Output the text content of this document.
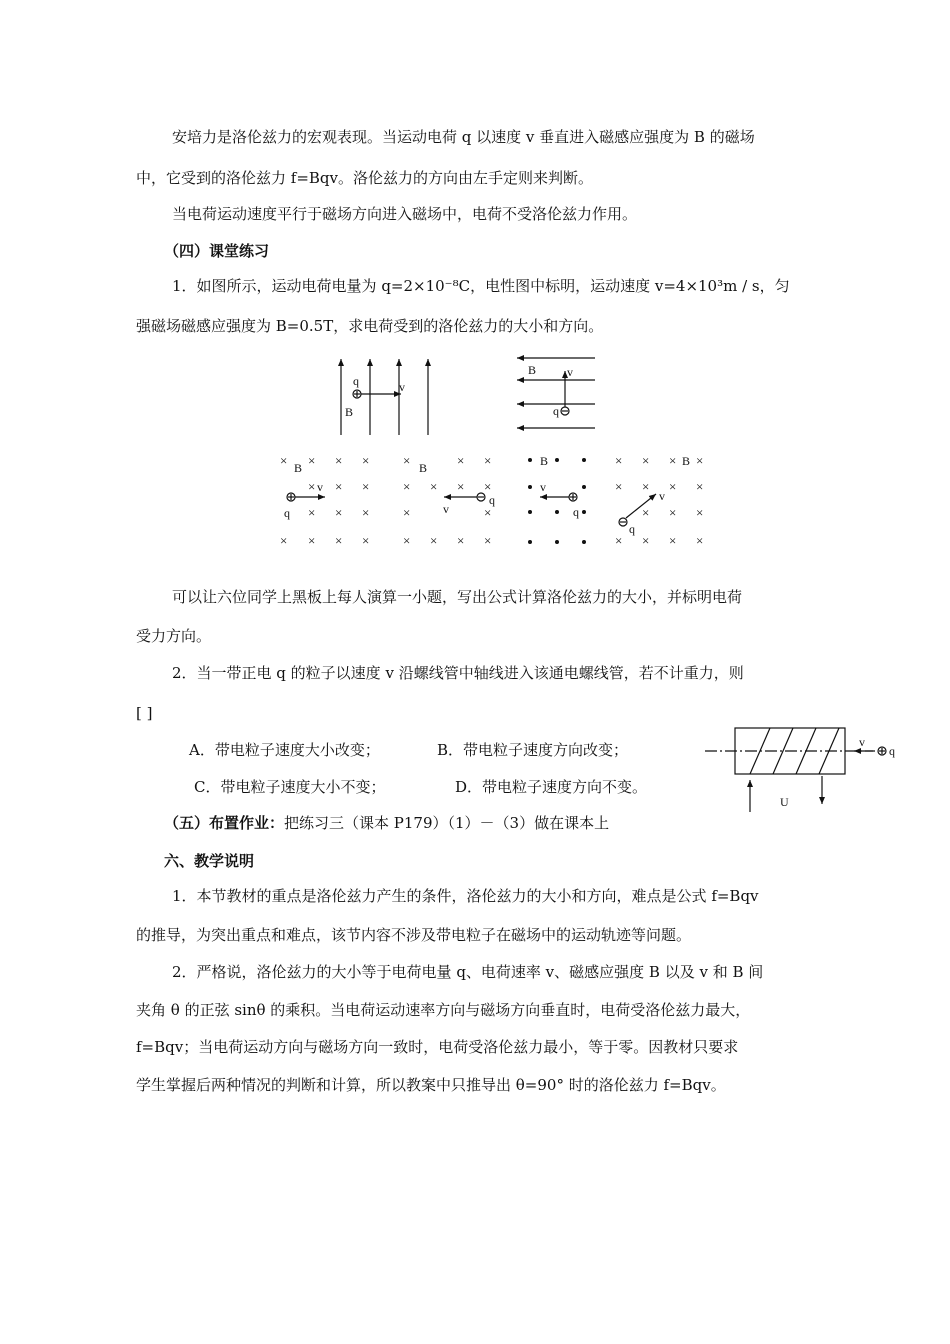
安培力是洛伦兹力的宏观表现。当运动电荷 q 以速度 v 垂直进入磁感应强度为 B 的磁场
中，它受到的洛伦兹力 f=Bqv。洛伦兹力的方向由左手定则来判断。
当电荷运动速度平行于磁场方向进入磁场中，电荷不受洛伦兹力作用。
（四）课堂练习
1．如图所示，运动电荷电量为 q=2×10⁻⁸C，电性图中标明，运动速度 v=4×10³m / s，匀
强磁场磁感应强度为 B=0.5T，求电荷受到的洛伦兹力的大小和方向。
× × × ×
× × ×
× × ×
× × × ×
×	× ×
× × × ×
×	×
× × × ×
× × × ×
× × × ×
× × ×
× × × ×
B
q	v
B	v
q
B
v
q
B
v
q
B
v
q
B
v
q
U
v
q
可以让六位同学上黑板上每人演算一小题，写出公式计算洛伦兹力的大小，并标明电荷
受力方向。
2．当一带正电 q 的粒子以速度 v 沿螺线管中轴线进入该通电螺线管，若不计重力，则
[ ]
A．带电粒子速度大小改变；	B．带电粒子速度方向改变；
C．带电粒子速度大小不变；	D．带电粒子速度方向不变。
（五）布置作业：把练习三（课本 P179）（1）－（3）做在课本上
六、教学说明
1．本节教材的重点是洛伦兹力产生的条件，洛伦兹力的大小和方向，难点是公式 f=Bqv
的推导，为突出重点和难点，该节内容不涉及带电粒子在磁场中的运动轨迹等问题。
2．严格说，洛伦兹力的大小等于电荷电量 q、电荷速率 v、磁感应强度 B 以及 v 和 B 间
夹角 θ 的正弦 sinθ 的乘积。当电荷运动速率方向与磁场方向垂直时，电荷受洛伦兹力最大，
f=Bqv；当电荷运动方向与磁场方向一致时，电荷受洛伦兹力最小，等于零。因教材只要求
学生掌握后两种情况的判断和计算，所以教案中只推导出 θ=90° 时的洛伦兹力 f=Bqv。
